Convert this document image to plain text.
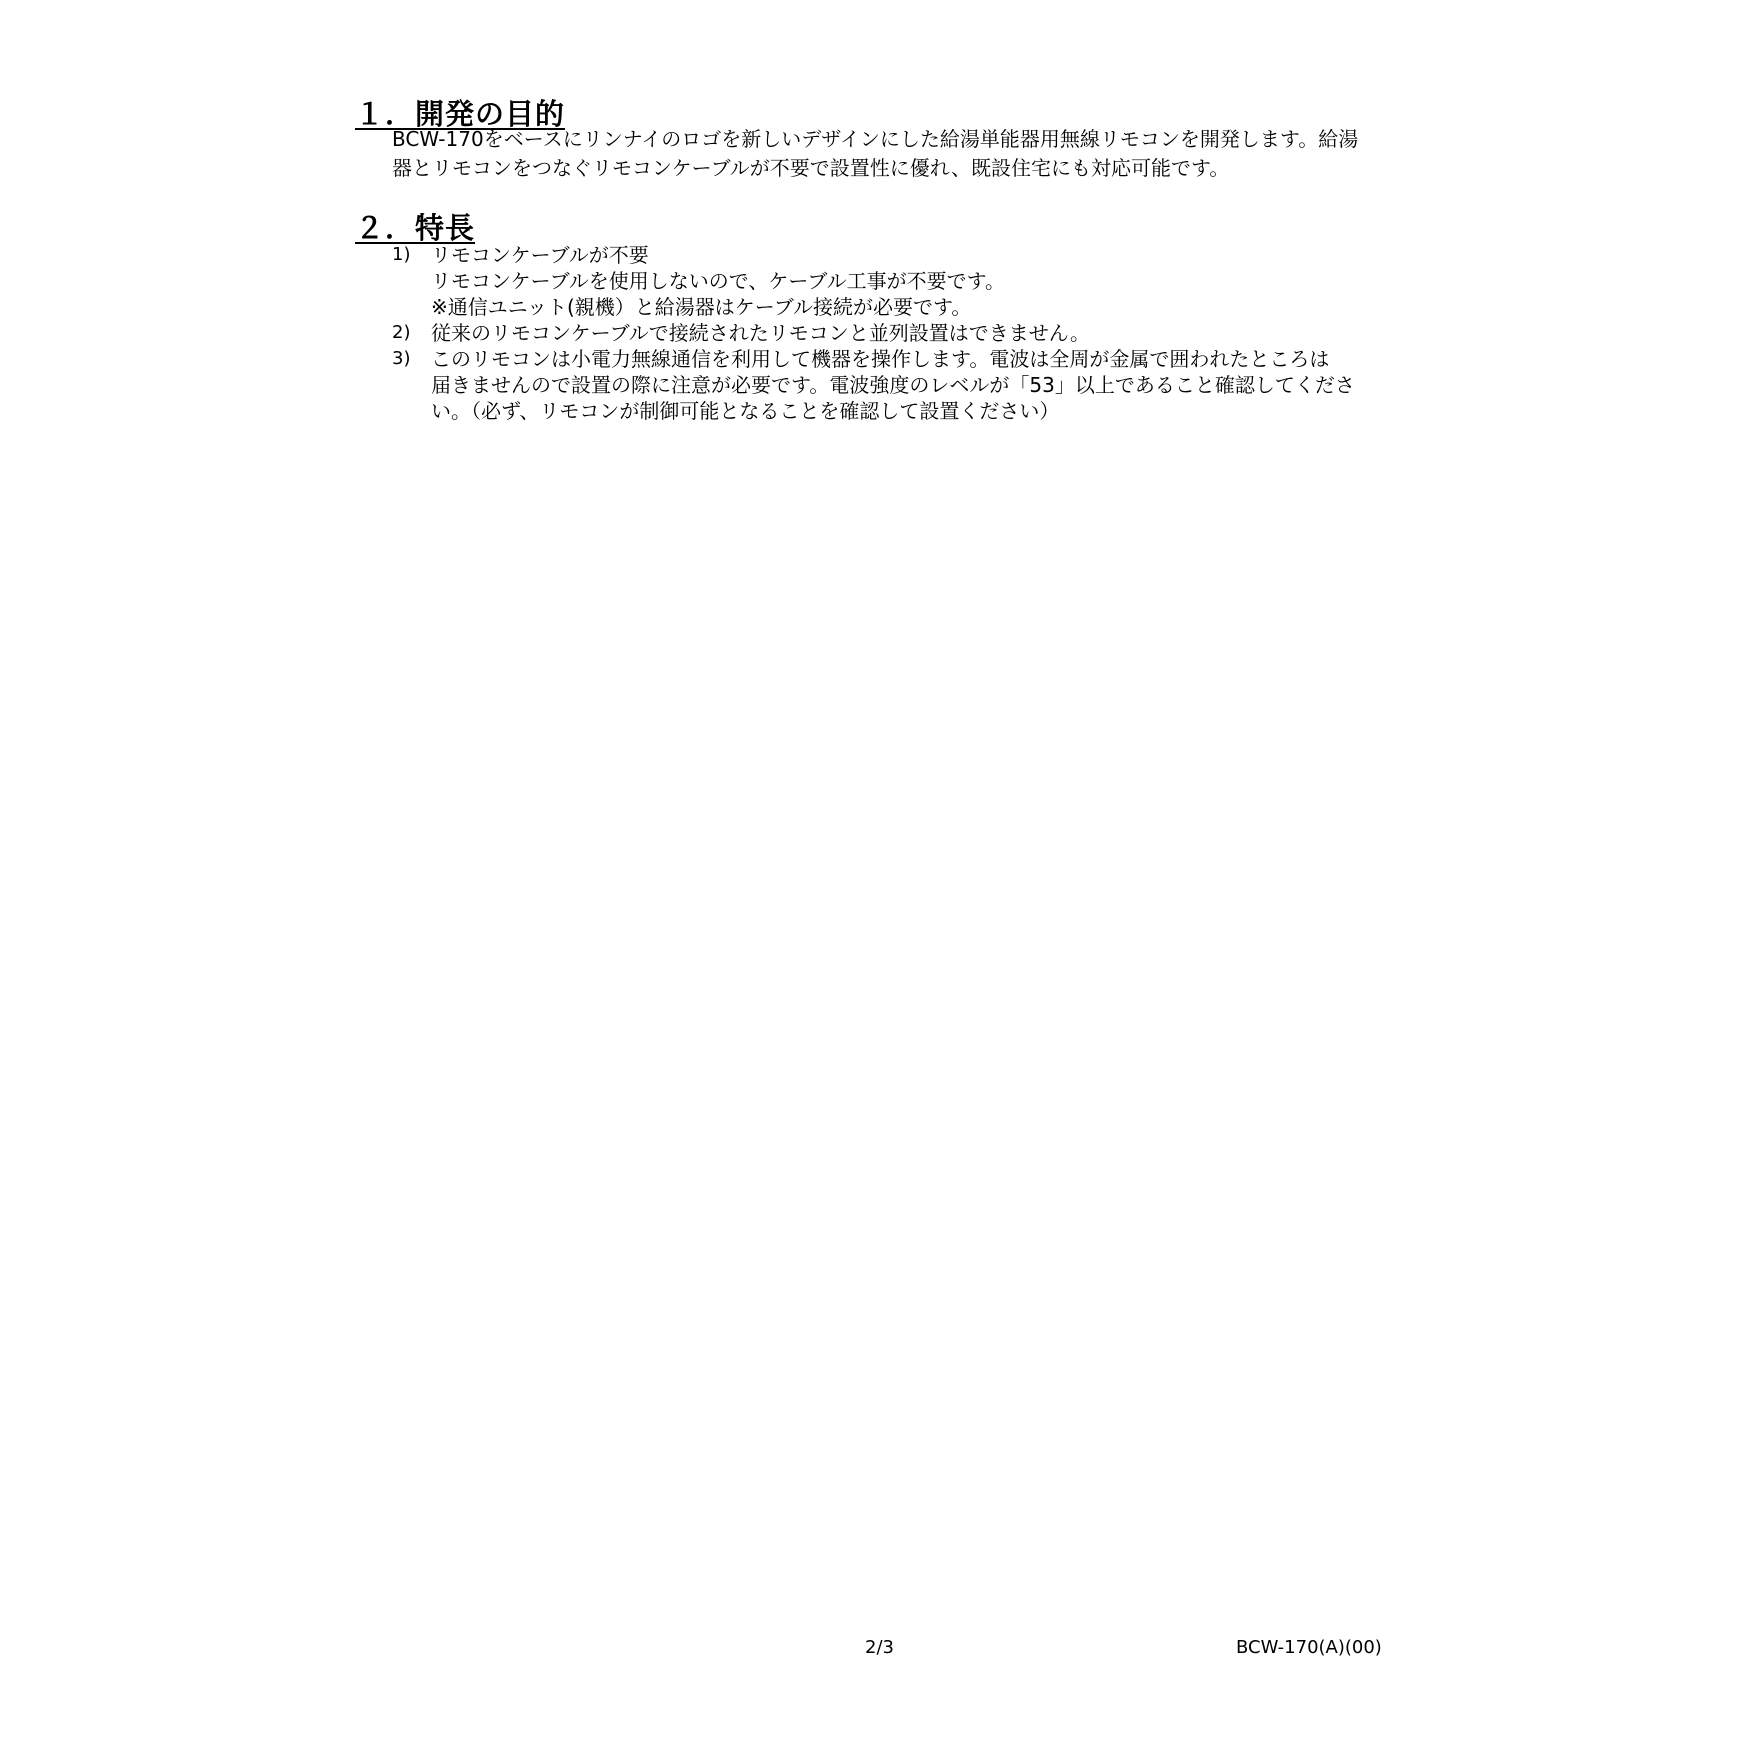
１．開発の目的
BCW-170をベースにリンナイのロゴを新しいデザインにした給湯単能器用無線リモコンを開発します。給湯
器とリモコンをつなぐリモコンケーブルが不要で設置性に優れ、既設住宅にも対応可能です。
２．特長
1) リモコンケーブルが不要
リモコンケーブルを使用しないので、ケーブル工事が不要です。
※通信ユニット(親機）と給湯器はケーブル接続が必要です。
2) 従来のリモコンケーブルで接続されたリモコンと並列設置はできません。
3) このリモコンは小電力無線通信を利用して機器を操作します。電波は全周が金属で囲われたところは
届きませんので設置の際に注意が必要です。電波強度のレベルが「53」以上であること確認してくださ
い。（必ず、リモコンが制御可能となることを確認して設置ください）
2/3	BCW-170(A)(00)
